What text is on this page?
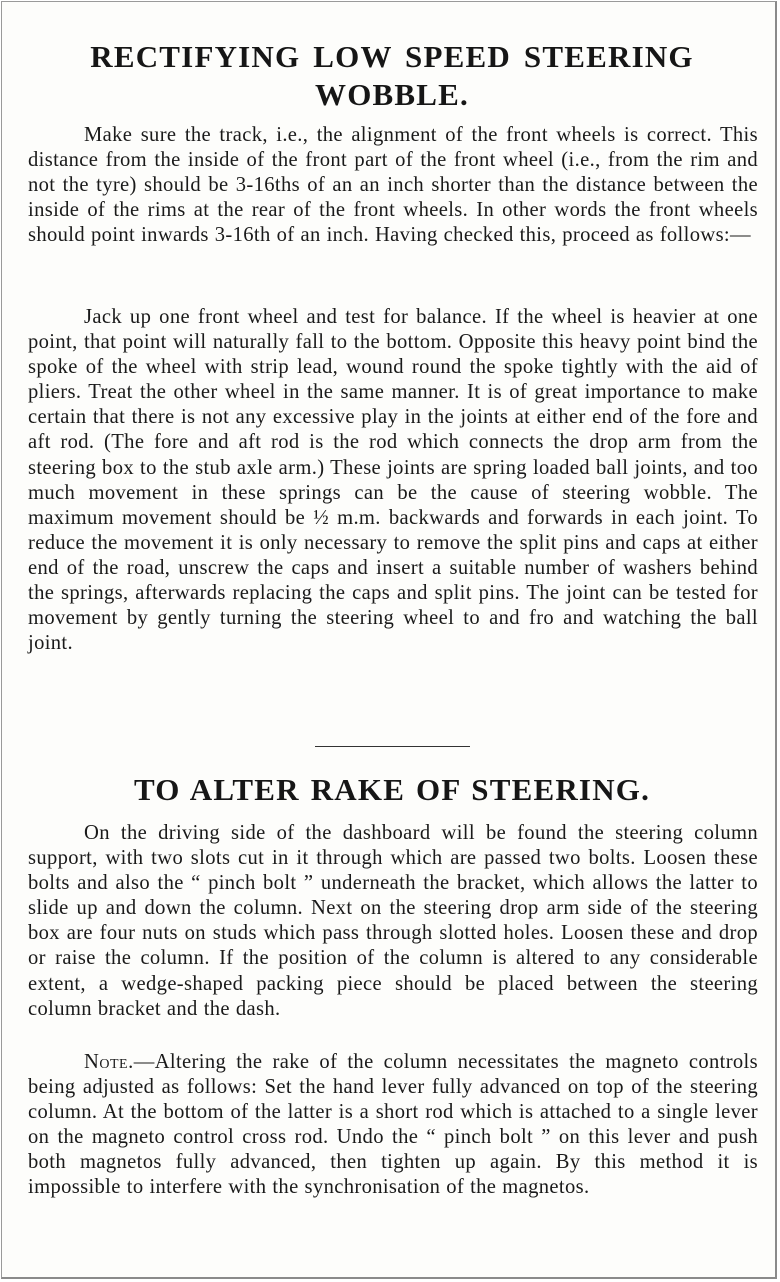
RECTIFYING LOW SPEED STEERING WOBBLE.

Make sure the track, i.e., the alignment of the front wheels is correct. This distance from the inside of the front part of the front wheel (i.e., from the rim and not the tyre) should be 3-16ths of an an inch shorter than the distance between the inside of the rims at the rear of the front wheels. In other words the front wheels should point inwards 3-16th of an inch. Having checked this, proceed as follows:—

Jack up one front wheel and test for balance. If the wheel is heavier at one point, that point will naturally fall to the bottom. Opposite this heavy point bind the spoke of the wheel with strip lead, wound round the spoke tightly with the aid of pliers. Treat the other wheel in the same manner. It is of great importance to make certain that there is not any excessive play in the joints at either end of the fore and aft rod. (The fore and aft rod is the rod which connects the drop arm from the steering box to the stub axle arm.) These joints are spring loaded ball joints, and too much movement in these springs can be the cause of steering wobble. The maximum movement should be ½ m.m. backwards and forwards in each joint. To reduce the movement it is only necessary to remove the split pins and caps at either end of the road, unscrew the caps and insert a suitable number of washers behind the springs, afterwards replacing the caps and split pins. The joint can be tested for movement by gently turning the steering wheel to and fro and watching the ball joint.

TO ALTER RAKE OF STEERING.

On the driving side of the dashboard will be found the steering column support, with two slots cut in it through which are passed two bolts. Loosen these bolts and also the “ pinch bolt ” underneath the bracket, which allows the latter to slide up and down the column. Next on the steering drop arm side of the steering box are four nuts on studs which pass through slotted holes. Loosen these and drop or raise the column. If the position of the column is altered to any considerable extent, a wedge-shaped packing piece should be placed between the steering column bracket and the dash.

Note.—Altering the rake of the column necessitates the magneto controls being adjusted as follows: Set the hand lever fully advanced on top of the steering column. At the bottom of the latter is a short rod which is attached to a single lever on the magneto control cross rod. Undo the “ pinch bolt ” on this lever and push both magnetos fully advanced, then tighten up again. By this method it is impossible to interfere with the synchronisation of the magnetos.
